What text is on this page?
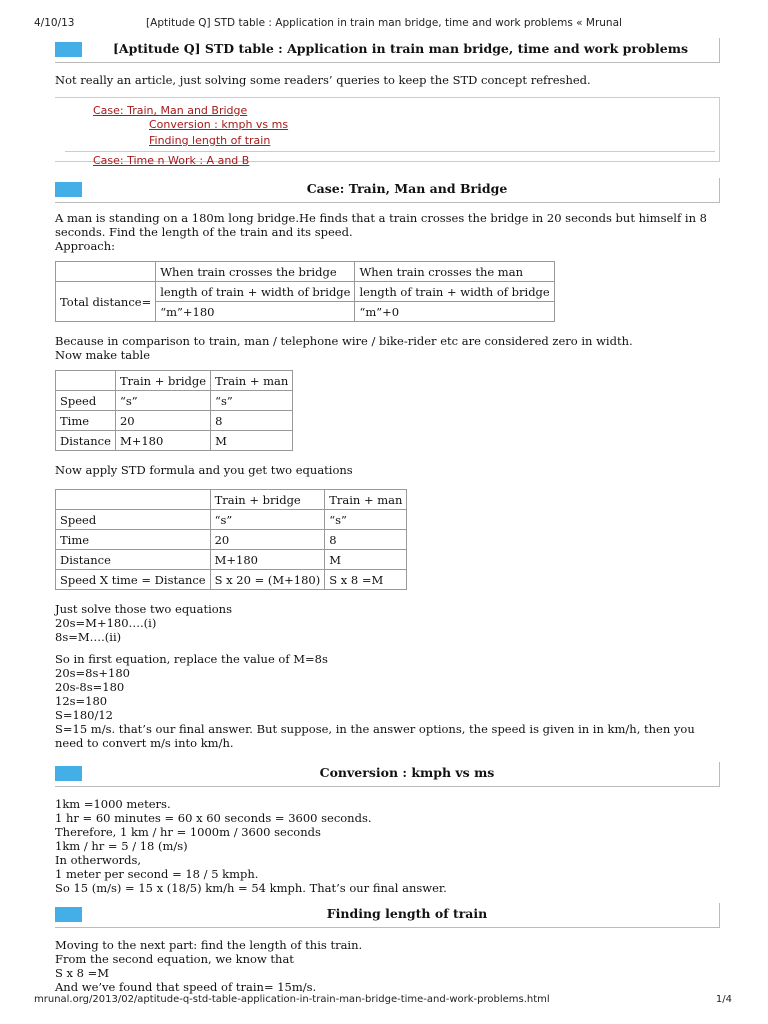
4/10/13	[Aptitude Q] STD table : Application in train man bridge, time and work problems « Mrunal
[Aptitude Q] STD table : Application in train man bridge, time and work problems

Not really an article, just solving some readers’ queries to keep the STD concept refreshed.

Case: Train, Man and Bridge
Conversion : kmph vs ms
Finding length of train
Case: Time n Work : A and B
Case: Train, Man and Bridge

A man is standing on a 180m long bridge.He finds that a train crosses the bridge in 20 seconds but himself in 8 seconds. Find the length of the train and its speed.

Approach:

	When train crosses the bridge	When train crosses the man
Total distance=	length of train + width of bridge	length of train + width of bridge
	“m”+180	“m”+0

Because in comparison to train, man / telephone wire / bike-rider etc are considered zero in width.

Now make table

	Train + bridge	Train + man
Speed	“s”	“s”
Time	20	8
Distance	M+180	M

Now apply STD formula and you get two equations

	Train + bridge	Train + man
Speed	“s”	“s”
Time	20	8
Distance	M+180	M
Speed X time = Distance	S x 20 = (M+180)	S x 8 =M

Just solve those two equations

20s=M+180….(i)

8s=M….(ii)

So in first equation, replace the value of M=8s

20s=8s+180

20s-8s=180

12s=180

S=180/12

S=15 m/s. that’s our final answer. But suppose, in the answer options, the speed is given in in km/h, then you need to convert m/s into km/h.

Conversion : kmph vs ms

1km =1000 meters.

1 hr = 60 minutes = 60 x 60 seconds = 3600 seconds.

Therefore, 1 km / hr = 1000m / 3600 seconds

1km / hr = 5 / 18 (m/s)

In otherwords,

1 meter per second = 18 / 5 kmph.

So 15 (m/s) = 15 x (18/5) km/h = 54 kmph. That’s our final answer.

Finding length of train

Moving to the next part: find the length of this train.

From the second equation, we know that

S x 8 =M

And we’ve found that speed of train= 15m/s.

mrunal.org/2013/02/aptitude-q-std-table-application-in-train-man-bridge-time-and-work-problems.html	1/4
